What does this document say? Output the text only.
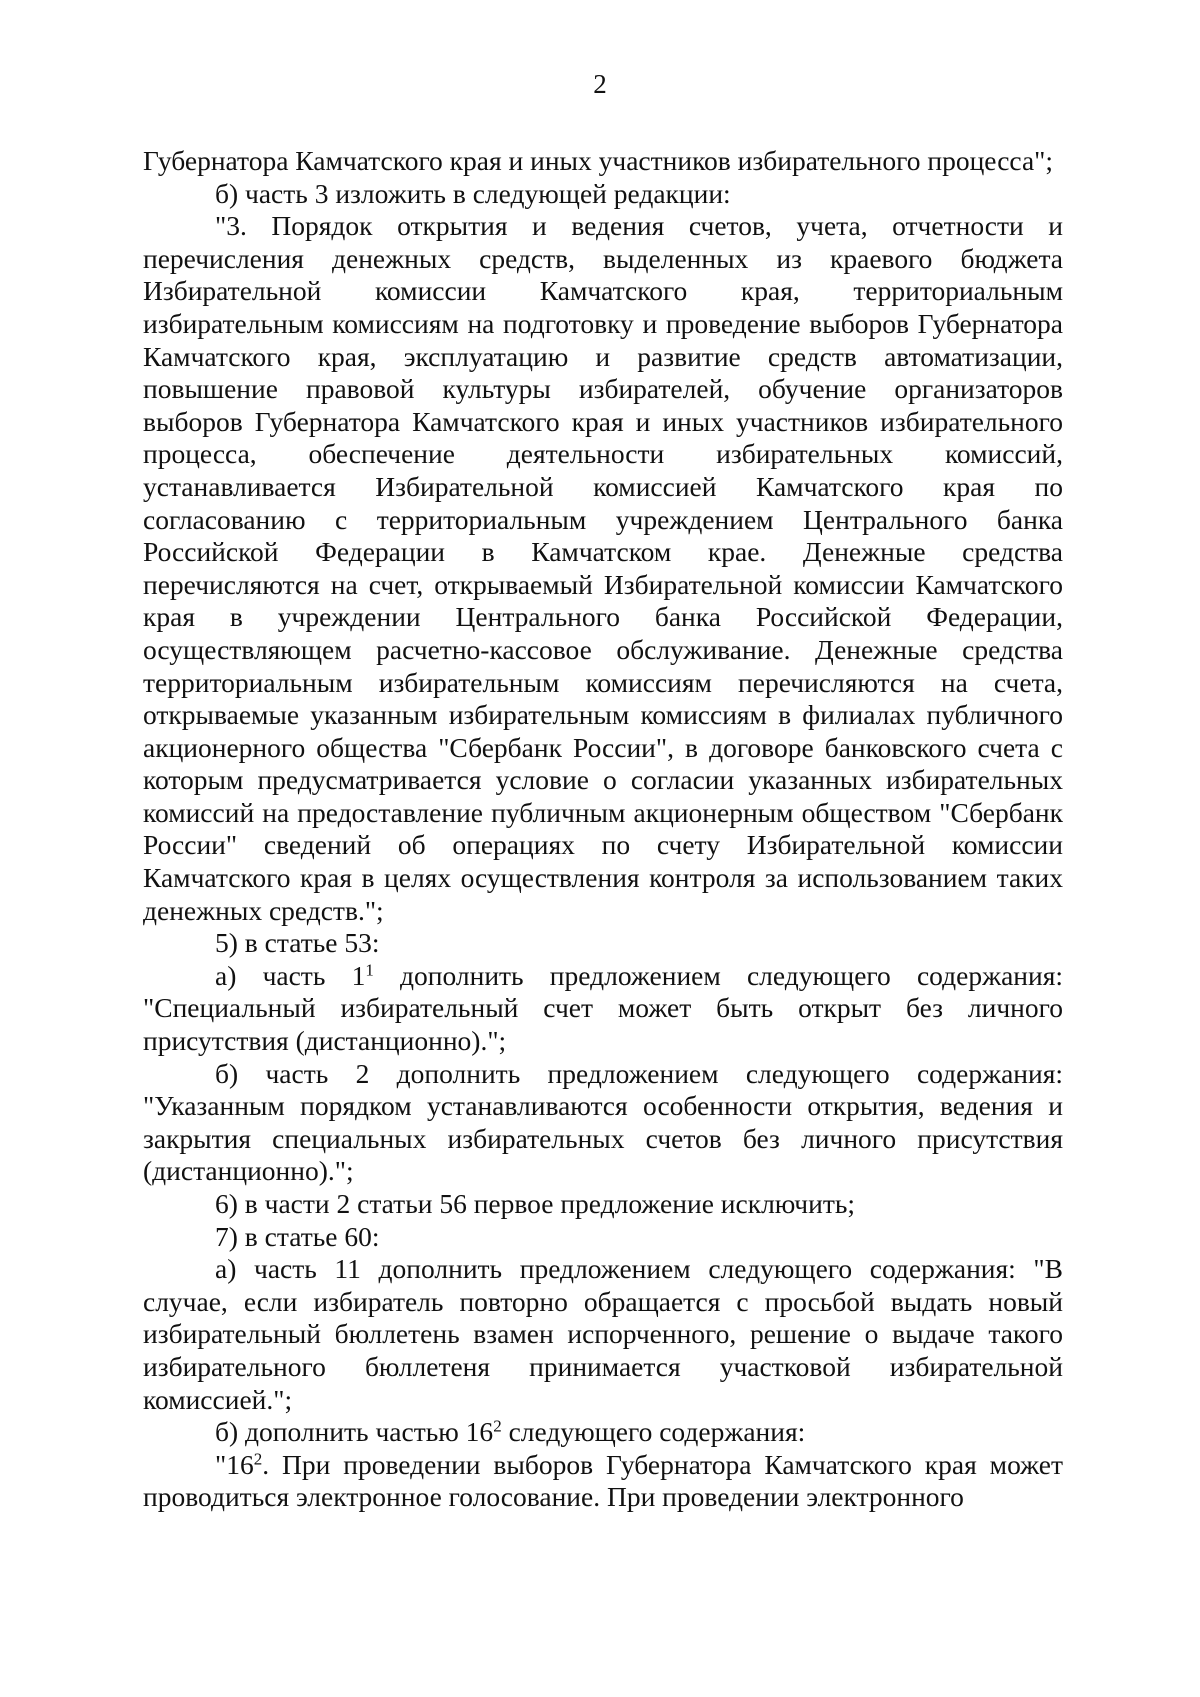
2

Губернатора Камчатского края и иных участников избирательного процесса";

б) часть 3 изложить в следующей редакции:

"3. Порядок открытия и ведения счетов, учета, отчетности и перечисления денежных средств, выделенных из краевого бюджета Избирательной комиссии Камчатского края, территориальным избирательным комиссиям на подготовку и проведение выборов Губернатора Камчатского края, эксплуатацию и развитие средств автоматизации, повышение правовой культуры избирателей, обучение организаторов выборов Губернатора Камчатского края и иных участников избирательного процесса, обеспечение деятельности избирательных комиссий, устанавливается Избирательной комиссией Камчатского края по согласованию с территориальным учреждением Центрального банка Российской Федерации в Камчатском крае. Денежные средства перечисляются на счет, открываемый Избирательной комиссии Камчатского края в учреждении Центрального банка Российской Федерации, осуществляющем расчетно-кассовое обслуживание. Денежные средства территориальным избирательным комиссиям перечисляются на счета, открываемые указанным избирательным комиссиям в филиалах публичного акционерного общества "Сбербанк России", в договоре банковского счета с которым предусматривается условие о согласии указанных избирательных комиссий на предоставление публичным акционерным обществом "Сбербанк России" сведений об операциях по счету Избирательной комиссии Камчатского края в целях осуществления контроля за использованием таких денежных средств.";

5) в статье 53:

а) часть $1^1$ дополнить предложением следующего содержания: "Специальный избирательный счет может быть открыт без личного присутствия (дистанционно).";

б) часть 2 дополнить предложением следующего содержания: "Указанным порядком устанавливаются особенности открытия, ведения и закрытия специальных избирательных счетов без личного присутствия (дистанционно).";

6) в части 2 статьи 56 первое предложение исключить;

7) в статье 60:

а) часть 11 дополнить предложением следующего содержания: "В случае, если избиратель повторно обращается с просьбой выдать новый избирательный бюллетень взамен испорченного, решение о выдаче такого избирательного бюллетеня принимается участковой избирательной комиссией.";

б) дополнить частью $16^2$ следующего содержания:

"$16^2$. При проведении выборов Губернатора Камчатского края может проводиться электронное голосование. При проведении электронного
